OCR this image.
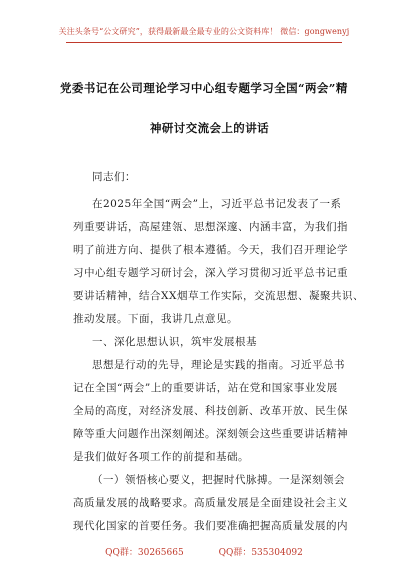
关注头条号“公文研究”，获得最新最全最专业的公文资料库！ 微信：gongwenyj
党委书记在公司理论学习中心组专题学习全国“两会”精
神研讨交流会上的讲话
同志们：
在2025年全国“两会”上，习近平总书记发表了一系
列重要讲话，高屋建瓴、思想深邃、内涵丰富，为我们指
明了前进方向、提供了根本遵循。今天，我们召开理论学
习中心组专题学习研讨会，深入学习贯彻习近平总书记重
要讲话精神，结合XX烟草工作实际，交流思想、凝聚共识、
推动发展。下面，我讲几点意见。
一、深化思想认识，筑牢发展根基
思想是行动的先导，理论是实践的指南。习近平总书
记在全国“两会”上的重要讲话，站在党和国家事业发展
全局的高度，对经济发展、科技创新、改革开放、民生保
障等重大问题作出深刻阐述。深刻领会这些重要讲话精神
是我们做好各项工作的前提和基础。
（一）领悟核心要义，把握时代脉搏。一是深刻领会
高质量发展的战略要求。高质量发展是全面建设社会主义
现代化国家的首要任务。我们要准确把握高质量发展的内
QQ群：30265665	QQ群：535304092
